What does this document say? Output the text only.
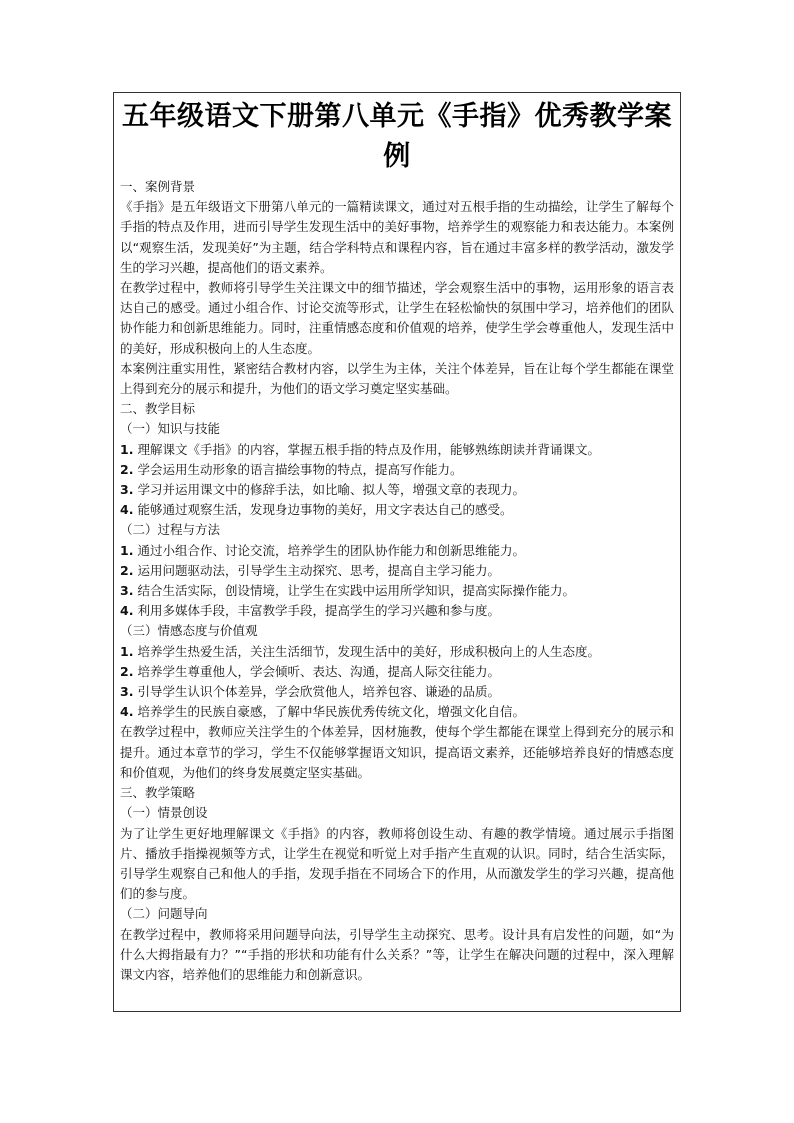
五年级语文下册第八单元《手指》优秀教学案例

一、案例背景

《手指》是五年级语文下册第八单元的一篇精读课文，通过对五根手指的生动描绘，让学生了解每个手指的特点及作用，进而引导学生发现生活中的美好事物，培养学生的观察能力和表达能力。本案例以“观察生活，发现美好”为主题，结合学科特点和课程内容，旨在通过丰富多样的教学活动，激发学生的学习兴趣，提高他们的语文素养。

在教学过程中，教师将引导学生关注课文中的细节描述，学会观察生活中的事物，运用形象的语言表达自己的感受。通过小组合作、讨论交流等形式，让学生在轻松愉快的氛围中学习，培养他们的团队协作能力和创新思维能力。同时，注重情感态度和价值观的培养，使学生学会尊重他人，发现生活中的美好，形成积极向上的人生态度。

本案例注重实用性，紧密结合教材内容，以学生为主体，关注个体差异，旨在让每个学生都能在课堂上得到充分的展示和提升，为他们的语文学习奠定坚实基础。

二、教学目标

（一）知识与技能

1. 理解课文《手指》的内容，掌握五根手指的特点及作用，能够熟练朗读并背诵课文。

2. 学会运用生动形象的语言描绘事物的特点，提高写作能力。

3. 学习并运用课文中的修辞手法，如比喻、拟人等，增强文章的表现力。

4. 能够通过观察生活，发现身边事物的美好，用文字表达自己的感受。

（二）过程与方法

1. 通过小组合作、讨论交流，培养学生的团队协作能力和创新思维能力。

2. 运用问题驱动法，引导学生主动探究、思考，提高自主学习能力。

3. 结合生活实际，创设情境，让学生在实践中运用所学知识，提高实际操作能力。

4. 利用多媒体手段，丰富教学手段，提高学生的学习兴趣和参与度。

（三）情感态度与价值观

1. 培养学生热爱生活，关注生活细节，发现生活中的美好，形成积极向上的人生态度。

2. 培养学生尊重他人，学会倾听、表达、沟通，提高人际交往能力。

3. 引导学生认识个体差异，学会欣赏他人，培养包容、谦逊的品质。

4. 培养学生的民族自豪感，了解中华民族优秀传统文化，增强文化自信。

在教学过程中，教师应关注学生的个体差异，因材施教，使每个学生都能在课堂上得到充分的展示和提升。通过本章节的学习，学生不仅能够掌握语文知识，提高语文素养，还能够培养良好的情感态度和价值观，为他们的终身发展奠定坚实基础。

三、教学策略

（一）情景创设

为了让学生更好地理解课文《手指》的内容，教师将创设生动、有趣的教学情境。通过展示手指图片、播放手指操视频等方式，让学生在视觉和听觉上对手指产生直观的认识。同时，结合生活实际，引导学生观察自己和他人的手指，发现手指在不同场合下的作用，从而激发学生的学习兴趣，提高他们的参与度。

（二）问题导向

在教学过程中，教师将采用问题导向法，引导学生主动探究、思考。设计具有启发性的问题，如“为什么大拇指最有力？”“手指的形状和功能有什么关系？”等，让学生在解决问题的过程中，深入理解课文内容，培养他们的思维能力和创新意识。
